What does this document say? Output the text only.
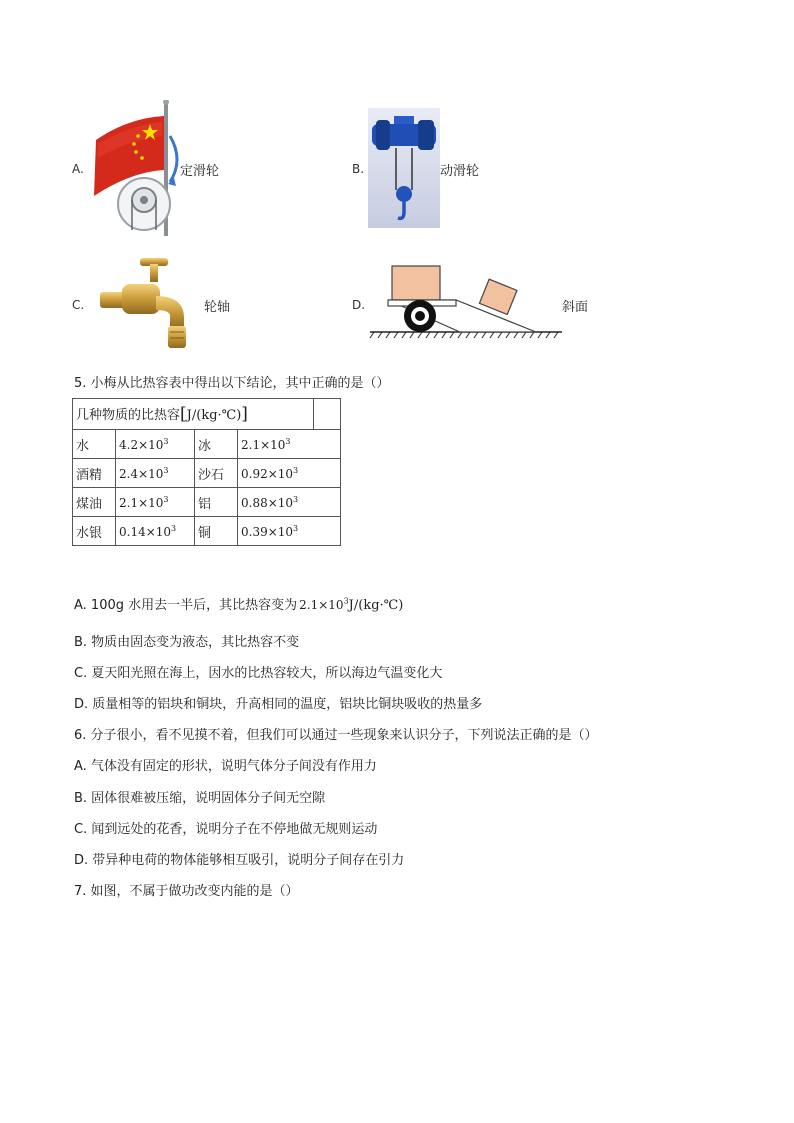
A.	定滑轮	B.	动滑轮
C.	轮轴	D.	斜面
5. 小梅从比热容表中得出以下结论，其中正确的是（）
几种物质的比热容[J/(kg·℃)]				
水	$4.2\times 10^3$	冰	$2.1\times 10^3$
酒精	$2.4\times 10^3$	沙石	$0.92\times 10^3$
煤油	$2.1\times 10^3$	铝	$0.88\times 10^3$
水银	$0.14\times 10^3$	铜	$0.39\times 10^3$
A. 100g 水用去一半后，其比热容变为 $2.1\times 10^3J/(kg\cdot℃)$
B. 物质由固态变为液态，其比热容不变
C. 夏天阳光照在海上，因水的比热容较大，所以海边气温变化大
D. 质量相等的铝块和铜块，升高相同的温度，铝块比铜块吸收的热量多
6. 分子很小，看不见摸不着，但我们可以通过一些现象来认识分子，下列说法正确的是（）
A. 气体没有固定的形状，说明气体分子间没有作用力
B. 固体很难被压缩，说明固体分子间无空隙
C. 闻到远处的花香，说明分子在不停地做无规则运动
D. 带异种电荷的物体能够相互吸引，说明分子间存在引力
7. 如图，不属于做功改变内能的是（）
